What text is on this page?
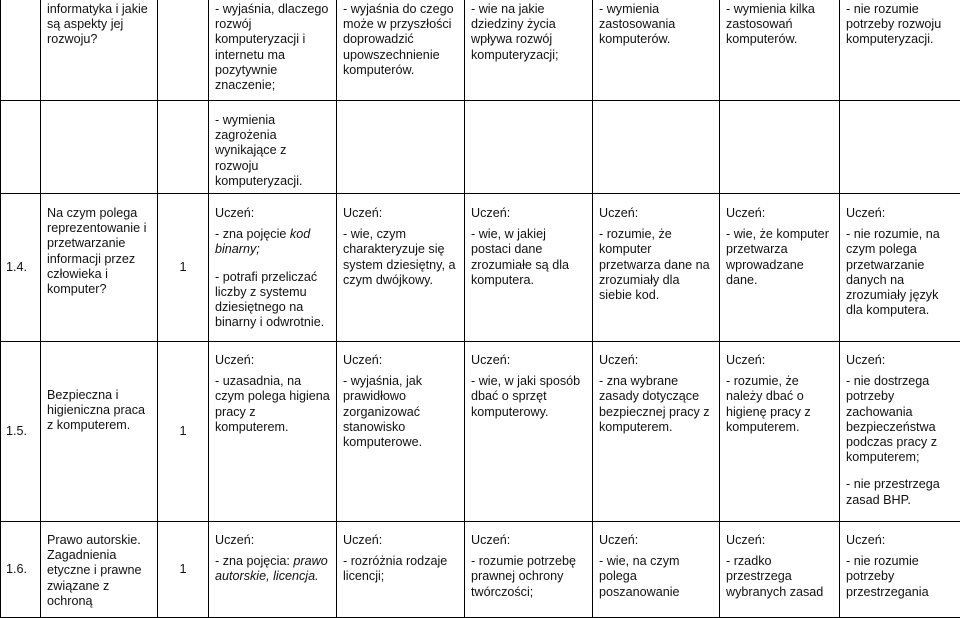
	informatyka i jakie są aspekty jej rozwoju?		- wyjaśnia, dlaczego rozwój komputeryzacji i internetu ma pozytywnie znaczenie;	- wyjaśnia do czego może w przyszłości doprowadzić upowszechnienie komputerów.	- wie na jakie dziedziny życia wpływa rozwój komputeryzacji;	- wymienia zastosowania komputerów.	- wymienia kilka zastosowań komputerów.	- nie rozumie potrzeby rozwoju komputeryzacji.

			- wymienia zagrożenia wynikające z rozwoju komputeryzacji.					

1.4.	Na czym polega reprezentowanie i przetwarzanie informacji przez człowieka i komputer?	1	Uczeń:
- zna pojęcie kod binarny;
- potrafi przeliczać liczby z systemu dziesiętnego na binarny i odwrotnie.	Uczeń:
- wie, czym charakteryzuje się system dziesiętny, a czym dwójkowy.	Uczeń:
- wie, w jakiej postaci dane zrozumiałe są dla komputera.	Uczeń:
- rozumie, że komputer przetwarza dane na zrozumiały dla siebie kod.	Uczeń:
- wie, że komputer przetwarza wprowadzane dane.	Uczeń:
- nie rozumie, na czym polega przetwarzanie danych na zrozumiały język dla komputera.

1.5.	Bezpieczna i higieniczna praca z komputerem.	1	Uczeń:
- uzasadnia, na czym polega higiena pracy z komputerem.	Uczeń:
- wyjaśnia, jak prawidłowo zorganizować stanowisko komputerowe.	Uczeń:
- wie, w jaki sposób dbać o sprzęt komputerowy.	Uczeń:
- zna wybrane zasady dotyczące bezpiecznej pracy z komputerem.	Uczeń:
- rozumie, że należy dbać o higienę pracy z komputerem.	Uczeń:
- nie dostrzega potrzeby zachowania bezpieczeństwa podczas pracy z komputerem;
- nie przestrzega zasad BHP.

1.6.	Prawo autorskie. Zagadnienia etyczne i prawne związane z ochroną	1	Uczeń:
- zna pojęcia: prawo autorskie, licencja.	Uczeń:
- rozróżnia rodzaje licencji;	Uczeń:
- rozumie potrzebę prawnej ochrony twórczości;	Uczeń:
- wie, na czym polega poszanowanie	Uczeń:
- rzadko przestrzega wybranych zasad	Uczeń:
- nie rozumie potrzeby przestrzegania
